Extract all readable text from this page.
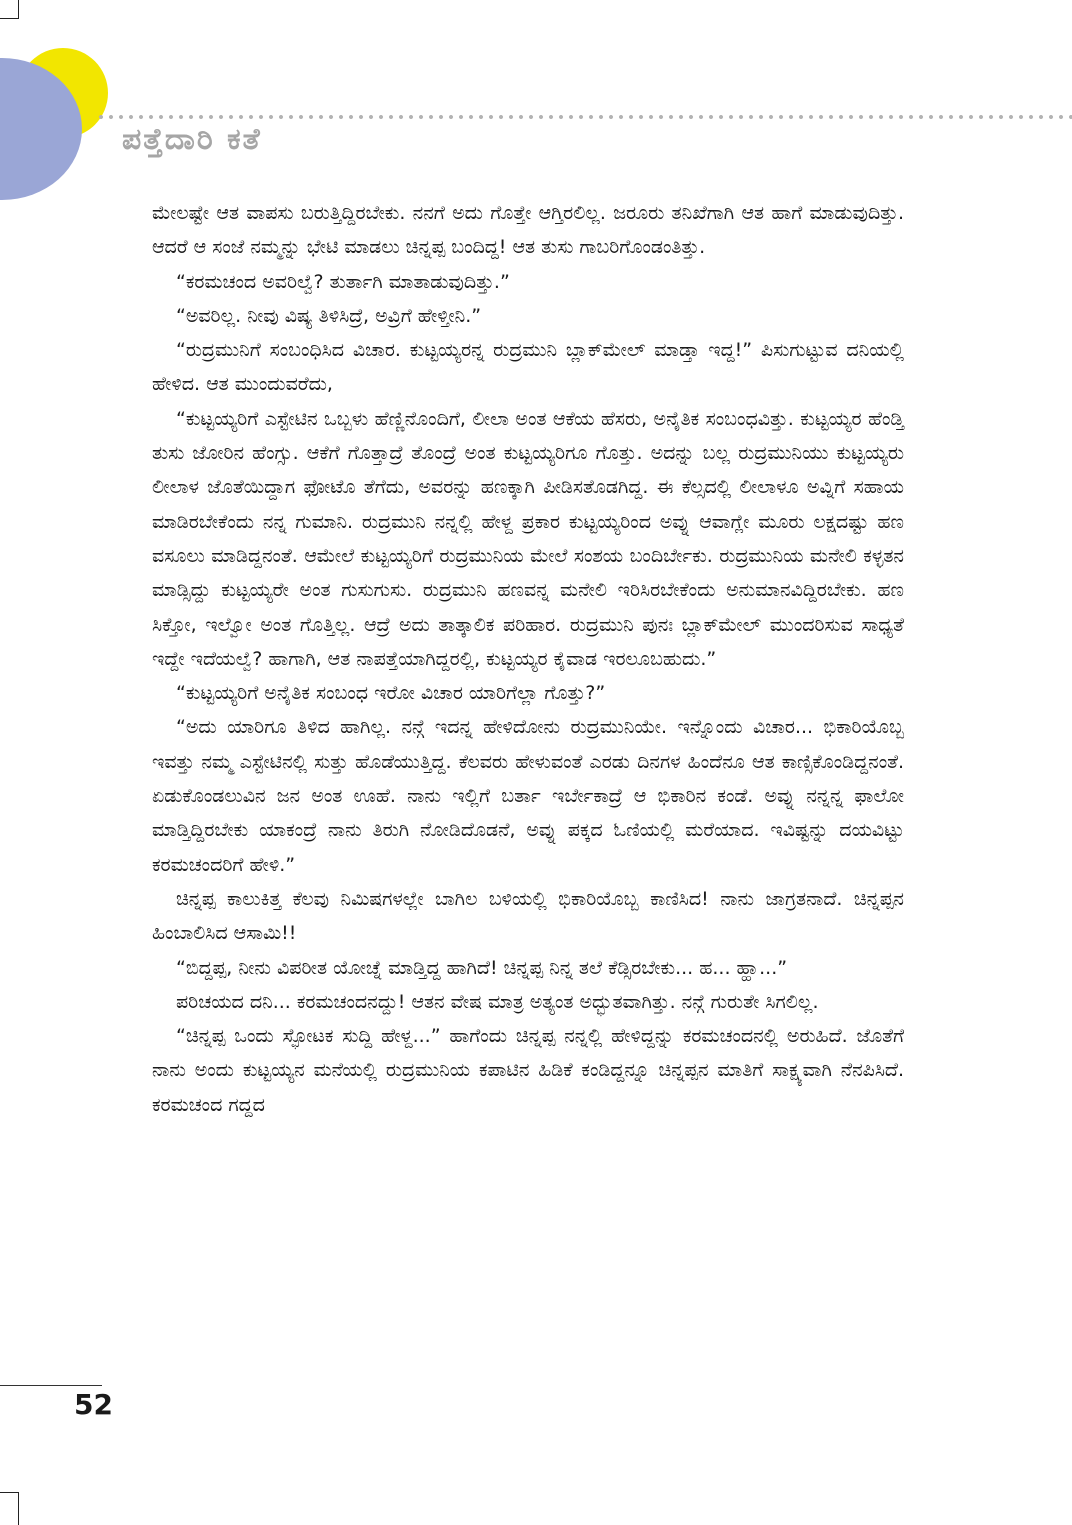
ಪತ್ತೆದಾರಿ ಕತೆ

ಮೇಲಷ್ಟೇ ಆತ ವಾಪಸು ಬರುತ್ತಿದ್ದಿರಬೇಕು. ನನಗೆ ಅದು ಗೊತ್ತೇ ಆಗ್ತಿರಲಿಲ್ಲ. ಜರೂರು ತನಿಖೆಗಾಗಿ ಆತ ಹಾಗೆ ಮಾಡುವುದಿತ್ತು. ಆದರೆ ಆ ಸಂಜೆ ನಮ್ಮನ್ನು ಭೇಟಿ ಮಾಡಲು ಚಿನ್ನಪ್ಪ ಬಂದಿದ್ದ! ಆತ ತುಸು ಗಾಬರಿಗೊಂಡಂತಿತ್ತು.

“ಕರಮಚಂದ ಅವರಿಲ್ವೆ? ತುರ್ತಾಗಿ ಮಾತಾಡುವುದಿತ್ತು.”

“ಅವರಿಲ್ಲ. ನೀವು ವಿಷ್ಯ ತಿಳಿಸಿದ್ರೆ, ಅವ್ರಿಗೆ ಹೇಳ್ತೀನಿ.”

“ರುದ್ರಮುನಿಗೆ ಸಂಬಂಧಿಸಿದ ವಿಚಾರ. ಕುಟ್ಟಯ್ಯರನ್ನ ರುದ್ರಮುನಿ ಬ್ಲಾಕ್‌ಮೇಲ್ ಮಾಡ್ತಾ ಇದ್ದ!” ಪಿಸುಗುಟ್ಟುವ ದನಿಯಲ್ಲಿ ಹೇಳಿದ. ಆತ ಮುಂದುವರೆದು,

“ಕುಟ್ಟಯ್ಯರಿಗೆ ಎಸ್ಟೇಟಿನ ಒಬ್ಬಳು ಹೆಣ್ಣಿನೊಂದಿಗೆ, ಲೀಲಾ ಅಂತ ಆಕೆಯ ಹೆಸರು, ಅನೈತಿಕ ಸಂಬಂಧವಿತ್ತು. ಕುಟ್ಟಯ್ಯರ ಹೆಂಡ್ತಿ ತುಸು ಜೋರಿನ ಹೆಂಗ್ಸು. ಆಕೆಗೆ ಗೊತ್ತಾದ್ರೆ ತೊಂದ್ರೆ ಅಂತ ಕುಟ್ಟಯ್ಯರಿಗೂ ಗೊತ್ತು. ಅದನ್ನು ಬಲ್ಲ ರುದ್ರಮುನಿಯು ಕುಟ್ಟಯ್ಯರು ಲೀಲಾಳ ಜೊತೆಯಿದ್ದಾಗ ಫೋಟೊ ತೆಗೆದು, ಅವರನ್ನು ಹಣಕ್ಕಾಗಿ ಪೀಡಿಸತೊಡಗಿದ್ದ. ಈ ಕೆಲ್ಸದಲ್ಲಿ ಲೀಲಾಳೂ ಅವ್ನಿಗೆ ಸಹಾಯ ಮಾಡಿರಬೇಕೆಂದು ನನ್ನ ಗುಮಾನಿ. ರುದ್ರಮುನಿ ನನ್ನಲ್ಲಿ ಹೇಳ್ದ ಪ್ರಕಾರ ಕುಟ್ಟಯ್ಯರಿಂದ ಅವ್ನು ಆವಾಗ್ಲೇ ಮೂರು ಲಕ್ಷದಷ್ಟು ಹಣ ವಸೂಲು ಮಾಡಿದ್ದನಂತೆ. ಆಮೇಲೆ ಕುಟ್ಟಯ್ಯರಿಗೆ ರುದ್ರಮುನಿಯ ಮೇಲೆ ಸಂಶಯ ಬಂದಿರ್ಬೇಕು. ರುದ್ರಮುನಿಯ ಮನೇಲಿ ಕಳ್ಳತನ ಮಾಡ್ಸಿದ್ದು ಕುಟ್ಟಯ್ಯರೇ ಅಂತ ಗುಸುಗುಸು. ರುದ್ರಮುನಿ ಹಣವನ್ನ ಮನೇಲಿ ಇರಿಸಿರಬೇಕೆಂದು ಅನುಮಾನವಿದ್ದಿರಬೇಕು. ಹಣ ಸಿಕ್ತೋ, ಇಲ್ವೋ ಅಂತ ಗೊತ್ತಿಲ್ಲ. ಆದ್ರೆ ಅದು ತಾತ್ಕಾಲಿಕ ಪರಿಹಾರ. ರುದ್ರಮುನಿ ಪುನಃ ಬ್ಲಾಕ್‌ಮೇಲ್ ಮುಂದರಿಸುವ ಸಾಧ್ಯತೆ ಇದ್ದೇ ಇದೆಯಲ್ವೆ? ಹಾಗಾಗಿ, ಆತ ನಾಪತ್ತೆಯಾಗಿದ್ದರಲ್ಲಿ, ಕುಟ್ಟಯ್ಯರ ಕೈವಾಡ ಇರಲೂಬಹುದು.”

“ಕುಟ್ಟಯ್ಯರಿಗೆ ಅನೈತಿಕ ಸಂಬಂಧ ಇರೋ ವಿಚಾರ ಯಾರಿಗೆಲ್ಲಾ ಗೊತ್ತು?”

“ಅದು ಯಾರಿಗೂ ತಿಳಿದ ಹಾಗಿಲ್ಲ. ನನ್ಗೆ ಇದನ್ನ ಹೇಳಿದೋನು ರುದ್ರಮುನಿಯೇ. ಇನ್ನೊಂದು ವಿಚಾರ... ಭಿಕಾರಿಯೊಬ್ಬ ಇವತ್ತು ನಮ್ಮ ಎಸ್ಟೇಟಿನಲ್ಲಿ ಸುತ್ತು ಹೊಡೆಯುತ್ತಿದ್ದ. ಕೆಲವರು ಹೇಳುವಂತೆ ಎರಡು ದಿನಗಳ ಹಿಂದೆನೂ ಆತ ಕಾಣ್ಸಿಕೊಂಡಿದ್ದನಂತೆ. ಏಡುಕೊಂಡಲುವಿನ ಜನ ಅಂತ ಊಹೆ. ನಾನು ಇಲ್ಲಿಗೆ ಬರ್ತಾ ಇರ್ಬೇಕಾದ್ರೆ ಆ ಭಿಕಾರಿನ ಕಂಡೆ. ಅವ್ನು ನನ್ನನ್ನ ಫಾಲೋ ಮಾಡ್ತಿದ್ದಿರಬೇಕು ಯಾಕಂದ್ರೆ ನಾನು ತಿರುಗಿ ನೋಡಿದೊಡನೆ, ಅವ್ನು ಪಕ್ಕದ ಓಣಿಯಲ್ಲಿ ಮರೆಯಾದ. ಇವಿಷ್ಟನ್ನು ದಯವಿಟ್ಟು ಕರಮಚಂದರಿಗೆ ಹೇಳಿ.”

ಚಿನ್ನಪ್ಪ ಕಾಲುಕಿತ್ತ ಕೆಲವು ನಿಮಿಷಗಳಲ್ಲೇ ಬಾಗಿಲ ಬಳಿಯಲ್ಲಿ ಭಿಕಾರಿಯೊಬ್ಬ ಕಾಣಿಸಿದ! ನಾನು ಜಾಗ್ರತನಾದೆ. ಚಿನ್ನಪ್ಪನ ಹಿಂಬಾಲಿಸಿದ ಆಸಾಮಿ!!

“ಬಿದ್ದಪ್ಪ, ನೀನು ವಿಪರೀತ ಯೋಚ್ನೆ ಮಾಡ್ತಿದ್ದ ಹಾಗಿದೆ! ಚಿನ್ನಪ್ಪ ನಿನ್ನ ತಲೆ ಕೆಡ್ಸಿರಬೇಕು... ಹ... ಹ್ಹಾ...”

ಪರಿಚಯದ ದನಿ... ಕರಮಚಂದನದ್ದು! ಆತನ ವೇಷ ಮಾತ್ರ ಅತ್ಯಂತ ಅದ್ಭುತವಾಗಿತ್ತು. ನನ್ಗೆ ಗುರುತೇ ಸಿಗಲಿಲ್ಲ.

“ಚಿನ್ನಪ್ಪ ಒಂದು ಸ್ಫೋಟಕ ಸುದ್ದಿ ಹೇಳ್ದ...” ಹಾಗೆಂದು ಚಿನ್ನಪ್ಪ ನನ್ನಲ್ಲಿ ಹೇಳಿದ್ದನ್ನು ಕರಮಚಂದನಲ್ಲಿ ಅರುಹಿದೆ. ಜೊತೆಗೆ ನಾನು ಅಂದು ಕುಟ್ಟಯ್ಯನ ಮನೆಯಲ್ಲಿ ರುದ್ರಮುನಿಯ ಕಪಾಟಿನ ಹಿಡಿಕೆ ಕಂಡಿದ್ದನ್ನೂ ಚಿನ್ನಪ್ಪನ ಮಾತಿಗೆ ಸಾಕ್ಷ್ಯವಾಗಿ ನೆನಪಿಸಿದೆ. ಕರಮಚಂದ ಗದ್ದದ

52
